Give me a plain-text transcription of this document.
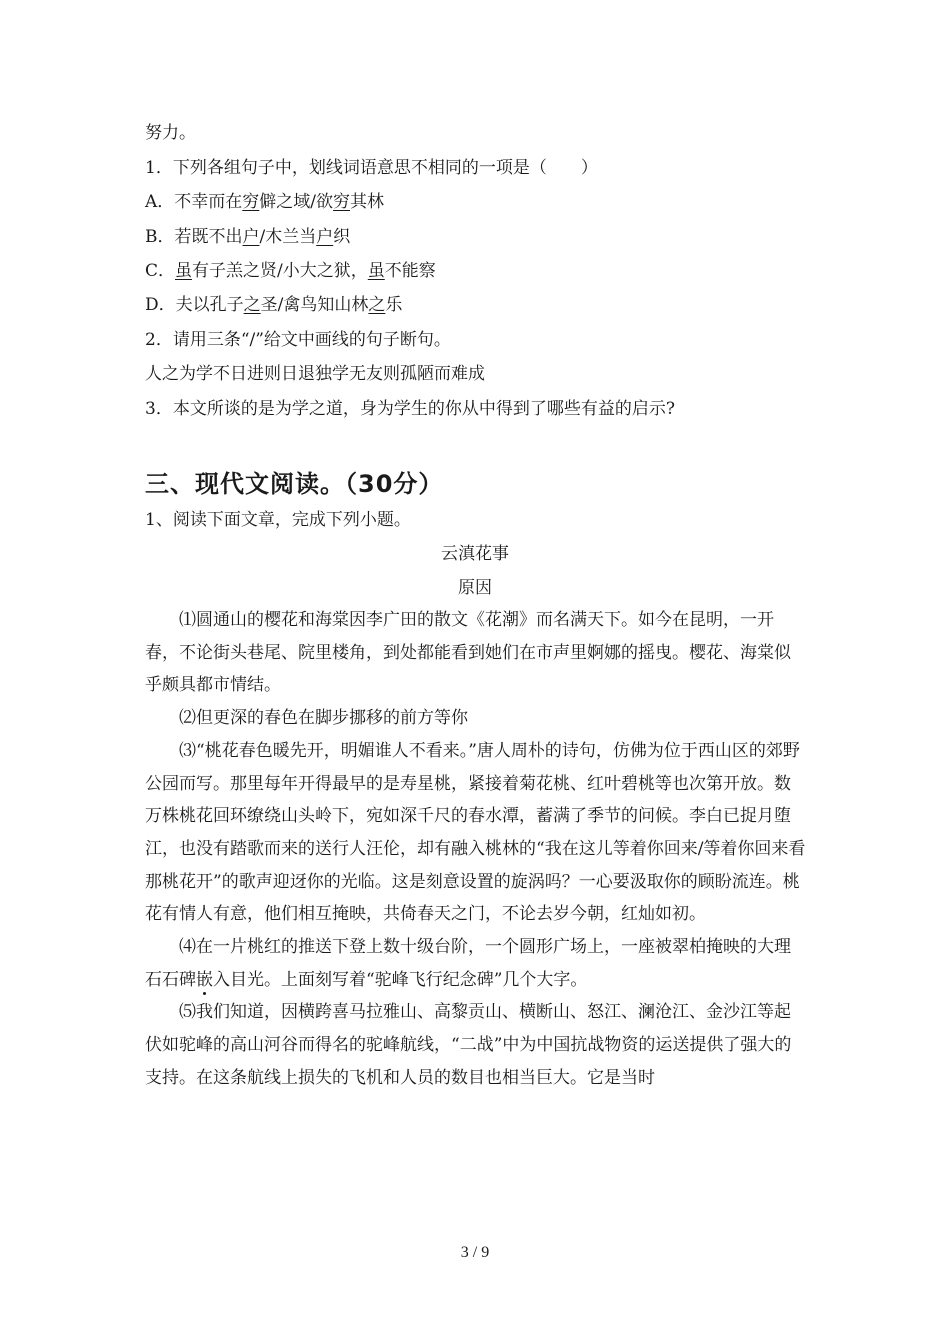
努力。
1．下列各组句子中，划线词语意思不相同的一项是（　　）
A．不幸而在穷僻之域/欲穷其林
B．若既不出户/木兰当户织
C．虽有子羔之贤/小大之狱，虽不能察
D．夫以孔子之圣/禽鸟知山林之乐
2．请用三条“/”给文中画线的句子断句。
人之为学不日进则日退独学无友则孤陋而难成
3．本文所谈的是为学之道，身为学生的你从中得到了哪些有益的启示?
三、现代文阅读。（30分）
1、阅读下面文章，完成下列小题。
云滇花事
原因

⑴圆通山的樱花和海棠因李广田的散文《花潮》而名满天下。如今在昆明，一开春，不论街头巷尾、院里楼角，到处都能看到她们在市声里婀娜的摇曳。樱花、海棠似乎颇具都市情结。

⑵但更深的春色在脚步挪移的前方等你

⑶“桃花春色暖先开，明媚谁人不看来。”唐人周朴的诗句，仿佛为位于西山区的郊野公园而写。那里每年开得最早的是寿星桃，紧接着菊花桃、红叶碧桃等也次第开放。数万株桃花回环缭绕山头岭下，宛如深千尺的春水潭，蓄满了季节的问候。李白已捉月堕江，也没有踏歌而来的送行人汪伦，却有融入桃林的“我在这儿等着你回来/等着你回来看那桃花开”的歌声迎迓你的光临。这是刻意设置的旋涡吗？一心要汲取你的顾盼流连。桃花有情人有意，他们相互掩映，共倚春天之门，不论去岁今朝，红灿如初。

⑷在一片桃红的推送下登上数十级台阶，一个圆形广场上，一座被翠柏掩映的大理石石碑嵌入目光。上面刻写着“驼峰飞行纪念碑”几个大字。

⑸我们知道，因横跨喜马拉雅山、高黎贡山、横断山、怒江、澜沧江、金沙江等起伏如驼峰的高山河谷而得名的驼峰航线，“二战”中为中国抗战物资的运送提供了强大的支持。在这条航线上损失的飞机和人员的数目也相当巨大。它是当时

3 / 9
